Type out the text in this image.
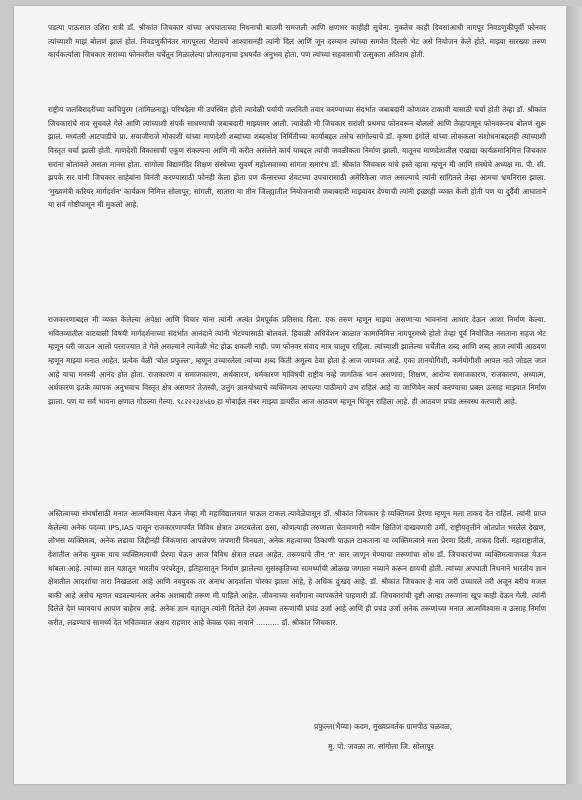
पडत्या पाऊसात उशिरा रात्री डॉ. श्रीकांत जिचकार यांच्या अपघाताच्या निधनाची बातमी समजली आणि क्षणभर काहीही सुचेना. नुकतेच काही दिवसांआधी नागपूर निवडणुकीपूर्वी फोनवर त्यांच्याशी माझं बोलणं झालं होतं. निवडणुकीनंतर नागपूरला भेटायचे आश्वासनही त्यांनी दिलं आणि जून दरम्यान त्यांच्या समवेत दिल्ली भेट असे नियोजन केले होते. माझ्या सारख्या तरुण कार्यकर्त्याला जिचकार सरांच्या फोनवरील चर्चेतून मिळालेल्या प्रोत्साहनाचा इथपर्यंत अनुभव होता. पण त्यांच्या सहवासाची उत्सुकता अतिशय होती.

राष्ट्रीय जलबिरादरीच्या कांचिपुरम (तामिळनाडू) परिषदेला मी उपस्थित होतो त्यावेळी पर्यायी जलनिती तयार करण्याच्या संदर्भात जबाबदारी कोणावर टाकावी यासाठी चर्चा होती तेव्हा डॉ. श्रीकांत जिचकारांचे नाव सुचवले गेले आणि त्यांच्याशी संपर्क साधण्याची जबाबदारी माझ्यावर आली. त्यावेळी मी जिचकार सरांशी प्रथमच फोनवरून बोललो आणि तेव्हापासून फोनवरूनच बोलणं सुरू झालं. मध्यंतरी आटपाडीचे प्रा. सयाजीराजे मोकाशी यांच्या माणदेशी शब्दांच्या शब्दकोश निर्मितीच्या कार्याबद्दल तसेच सांगोल्याचे डॉ. कृष्णा इंगोले यांच्या लोककला संशोधनाबद्दलही त्यांच्याशी विस्तृत चर्चा झाली होती. माणदेशी विकासाची एकूण संकल्पना आणि मी करीत असलेले कार्य याबद्दल त्यांची जवळीकता निर्माण झाली. यातूनच माणदेशातील एखाद्या कार्यक्रमानिमित्त जिचकार सरांना बोलावले असता मानस होता. सांगोला विद्यामंदिर शिक्षण संस्थेच्या सुवर्ण महोत्सवाच्या सांगता समारंभ डॉ. श्रीकांत जिचकार यांचे हस्ते व्हावा म्हणून मी आणि संस्थेचे अध्यक्ष मा. पी. सी. झपके सर यांनी जिचकार साहेबांना विनंती करण्यासाठी फोनही केला होता पण कॅन्सरच्या शेवटच्या उपचारासाठी अमेरिकेला जात असल्याचे त्यांनी सांगितले तेव्हा आमचा भ्रमनिरास झाला. 'मुख्यमंत्री करियर मार्गदर्शन' कार्यक्रम निमित्त सोलापूर, सांगली, सातारा या तीन जिल्ह्यातील नियोजनाची जबाबदारी माझ्यावर देण्याची त्यांनी इच्छाही व्यक्त केली होती पण या दुर्दैवी आघाताने या सर्व गोष्टीपासून मी मुकलो आहे.

राजकारणाबद्दल मी व्यक्त केलेल्या अपेक्षा आणि विचार यांना त्यांनी अत्यंत प्रेमपूर्वक प्रतिसाद दिला. एक तरुण म्हणून माझ्या असणाऱ्या भावनांना आधार देऊन आशा निर्माण केल्या. भवितव्यातील वाटचाली विषयी मार्गदर्शनाच्या संदर्भात आनंदाने त्यांनी भेटण्यासाठी बोलवले. हिवाळी अधिवेशन काळात कामानिमित्त नागपूरमध्ये होतो तेव्हा पूर्व नियोजित नसताना सहज भेट म्हणून घरी जाऊन आलो परराज्यात ते गेले असल्याने त्यावेळी भेट होऊ शकली नाही. पण फोनवर संवाद मात्र चालूच राहिला. त्यांच्याशी झालेल्या चर्चेतील शब्द आणि शब्द आज त्यांची आठवण म्हणून माझ्या मनात आहेत. प्रत्येक वेळी 'बोल प्रफुल्ल', म्हणून उच्चारलेला त्यांच्या शब्द किती अमूल्य ठेवा होता हे आज जाणवत आहे. एका ज्ञानयोगिशी, कर्मयोगीशी आपल नाते जोडल जात आहे याचा मनस्वी आनंद होत होता. राजकारण व समाजकारण, अर्थकारण, धर्मकारण यांविषयी राष्ट्रीय नव्हे जागतिक भान असणारा; शिक्षण, आरोग्य समाजकारण, राजकारण, अध्यात्म, अर्थकारण इतके व्यापक अनुभवाच विस्तृत क्षेत्र असणारं तेजस्वी, उत्तुंग ज्ञानयोध्याचे व्यक्तिमत्व आपल्या पाठीमागे उभ राहिलं आहे या जाणिवेन कार्य करण्याचा प्रबल उत्साह माझ्यात निर्माण झाला. पण या सर्व भावना क्षणात गोठल्या गेल्या. ९८२२२३४५६७ हा मोबाईल नंबर माझ्या डायरीत आज आठवण म्हणून थिजून राहिला आहे. ही आठवण प्रचंड अस्वस्थ करणारी आहे.

अस्तित्वाच्या संघर्षासाठी मनात आत्मविश्वास घेऊन जेव्हा मी महाविद्यालयात पाऊल टाकल त्यावेळेपासून डॉ. श्रीकांत जिचकार हे व्यक्तिमत्व प्रेरणा म्हणून मला ताकद देत राहिलं. त्यांनी प्राप्त केलेल्या अनेक पदव्या IPS,IAS पासून राजकारणापर्यंत विविध क्षेत्रात उमटवलेला ठसा, कोणत्याही तरुणाला चेतावणारी नवीन क्षितिजं दाखवणारी उर्मी, राष्ट्रीयवृत्तीने ओतप्रोत भरलेलं देखण, लोभस व्यक्तिमत्व, अनेक लढाया जिद्दीनही जिंकणारा आपलेपण जपणारी विनम्रता, अनेक महत्वाच्या ठिकाणी पाऊल टाकताना या व्यक्तिमत्वाने मला प्रेरणा दिली, ताकद दिली. महाराष्ट्रातील, देशातील अनेक युवक याच व्यक्तिमत्वाची प्रेरणा घेऊन आज विविध क्षेत्रात लढत आहेत. तरूण्याचे तीन 'त' कार जाणून घेण्याचा तरूणांचा शोध डॉ. जिचकारांच्या व्यक्तिमत्वाजवळ येऊन थांबला आहे. त्यांच्या ज्ञान यज्ञातून भारतीय परंपरेतून, इतिहासातून निर्माण झालेल्या सुसंस्कृतिच्या सामर्थ्याची ओळख जगाला नव्याने करून द्यायची होती. त्यांच्या अपघाती निधनाने भारतीय ज्ञान क्षेत्रातील आदर्शाचा तारा निखळला आहे आणि नवयुवक तर अनाथ आदर्शाला पोरका झाला आहे, हे अधिक दुःखद आहे. डॉ. श्रीकांत जिचकार हे नाव जरी उच्चारले तरी अजून बरीच मजल बाकी आहे असेच म्हणत घडवल्यानंतर अनेक अशाबादी तरूण मी पाहिले आहेत. जीवनाच्या सर्वांगाना व्यापकतेने पाहणारी डॉ. जिचकारांची दृष्टी आम्हा तरूणांना खूप काही देऊन गेली. त्यांनी दिलेले देणं घ्यावयाचं आपण बाहेरच आहे. अनेक ज्ञान यज्ञातून त्यांनी दिलेले देणं अवघ्या तरूणांची प्रचंड उर्जा आहे आणि ही प्रचंड उर्जा अनेक तरूणांच्या मनात आत्मविश्वास व उत्साह निर्माण करीत, लढण्याचं सामर्थ्य देत भवितव्यात अक्षय राहणार आहे केवळ एका नावाने .......... डॉ. श्रीकांत जिचकार.

प्रफुल्ल(भैय्या) कदम, मुख्यप्रवर्तक ग्रामपीठ चळवळ,
मु. पो. जवळा ता. सांगोला जि. सोलापूर
